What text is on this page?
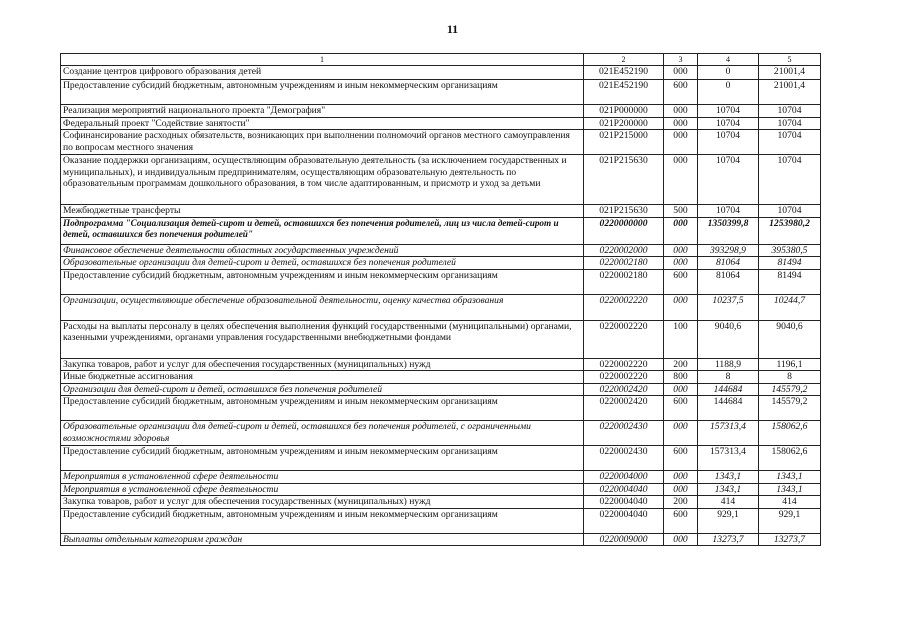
11
1	2	3	4	5
Создание центров цифрового образования детей	021E452190	000	0	21001,4
Предоставление субсидий бюджетным, автономным учреждениям и иным некоммерческим организациям	021E452190	600	0	21001,4
Реализация мероприятий национального проекта "Демография"	021P000000	000	10704	10704
Федеральный проект "Содействие занятости"	021P200000	000	10704	10704
Софинансирование расходных обязательств, возникающих при выполнении полномочий органов местного самоуправления по вопросам местного значения	021P215000	000	10704	10704
Оказание поддержки организациям, осуществляющим образовательную деятельность (за исключением государственных и муниципальных), и индивидуальным предпринимателям, осуществляющим образовательную деятельность по образовательным программам дошкольного образования, в том числе адаптированным, и присмотр и уход за детьми	021P215630	000	10704	10704
Межбюджетные трансферты	021P215630	500	10704	10704
Подпрограмма "Социализация детей-сирот и детей, оставшихся без попечения родителей, лиц из числа детей-сирот и детей, оставшихся без попечения родителей"	0220000000	000	1350399,8	1253980,2
Финансовое обеспечение деятельности областных государственных учреждений	0220002000	000	393298,9	395380,5
Образовательные организации для детей-сирот и детей, оставшихся без попечения родителей	0220002180	000	81064	81494
Предоставление субсидий бюджетным, автономным учреждениям и иным некоммерческим организациям	0220002180	600	81064	81494
Организации, осуществляющие обеспечение образовательной деятельности, оценку качества образования	0220002220	000	10237,5	10244,7
Расходы на выплаты персоналу в целях обеспечения выполнения функций государственными (муниципальными) органами, казенными учреждениями, органами управления государственными внебюджетными фондами	0220002220	100	9040,6	9040,6
Закупка товаров, работ и услуг для обеспечения государственных (муниципальных) нужд	0220002220	200	1188,9	1196,1
Иные бюджетные ассигнования	0220002220	800	8	8
Организации для детей-сирот и детей, оставшихся без попечения родителей	0220002420	000	144684	145579,2
Предоставление субсидий бюджетным, автономным учреждениям и иным некоммерческим организациям	0220002420	600	144684	145579,2
Образовательные организации для детей-сирот и детей, оставшихся без попечения родителей, с ограниченными возможностями здоровья	0220002430	000	157313,4	158062,6
Предоставление субсидий бюджетным, автономным учреждениям и иным некоммерческим организациям	0220002430	600	157313,4	158062,6
Мероприятия в установленной сфере деятельности	0220004000	000	1343,1	1343,1
Мероприятия в установленной сфере деятельности	0220004040	000	1343,1	1343,1
Закупка товаров, работ и услуг для обеспечения государственных (муниципальных) нужд	0220004040	200	414	414
Предоставление субсидий бюджетным, автономным учреждениям и иным некоммерческим организациям	0220004040	600	929,1	929,1
Выплаты отдельным категориям граждан	0220009000	000	13273,7	13273,7
